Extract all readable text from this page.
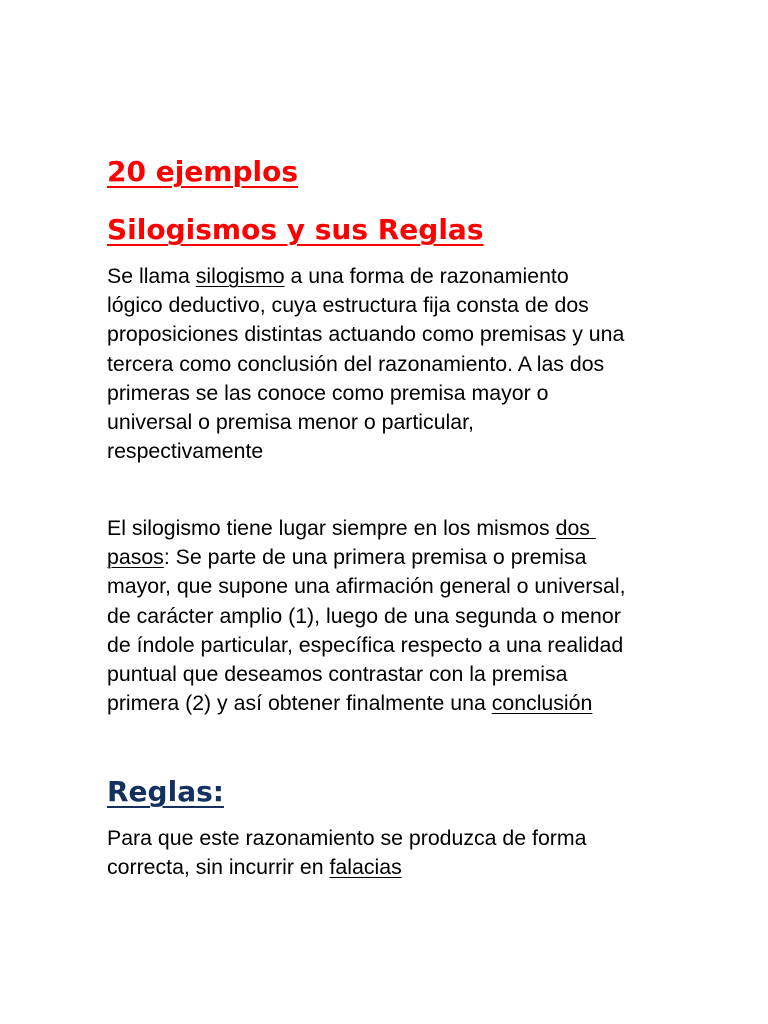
20 ejemplos
Silogismos y sus Reglas

Se llama silogismo a una forma de razonamiento
lógico deductivo, cuya estructura fija consta de dos
proposiciones distintas actuando como premisas y una
tercera como conclusión del razonamiento. A las dos
primeras se las conoce como premisa mayor o
universal o premisa menor o particular,
respectivamente

El silogismo tiene lugar siempre en los mismos dos
pasos: Se parte de una primera premisa o premisa
mayor, que supone una afirmación general o universal,
de carácter amplio (1), luego de una segunda o menor
de índole particular, específica respecto a una realidad
puntual que deseamos contrastar con la premisa
primera (2) y así obtener finalmente una conclusión

Reglas:

Para que este razonamiento se produzca de forma
correcta, sin incurrir en falacias
